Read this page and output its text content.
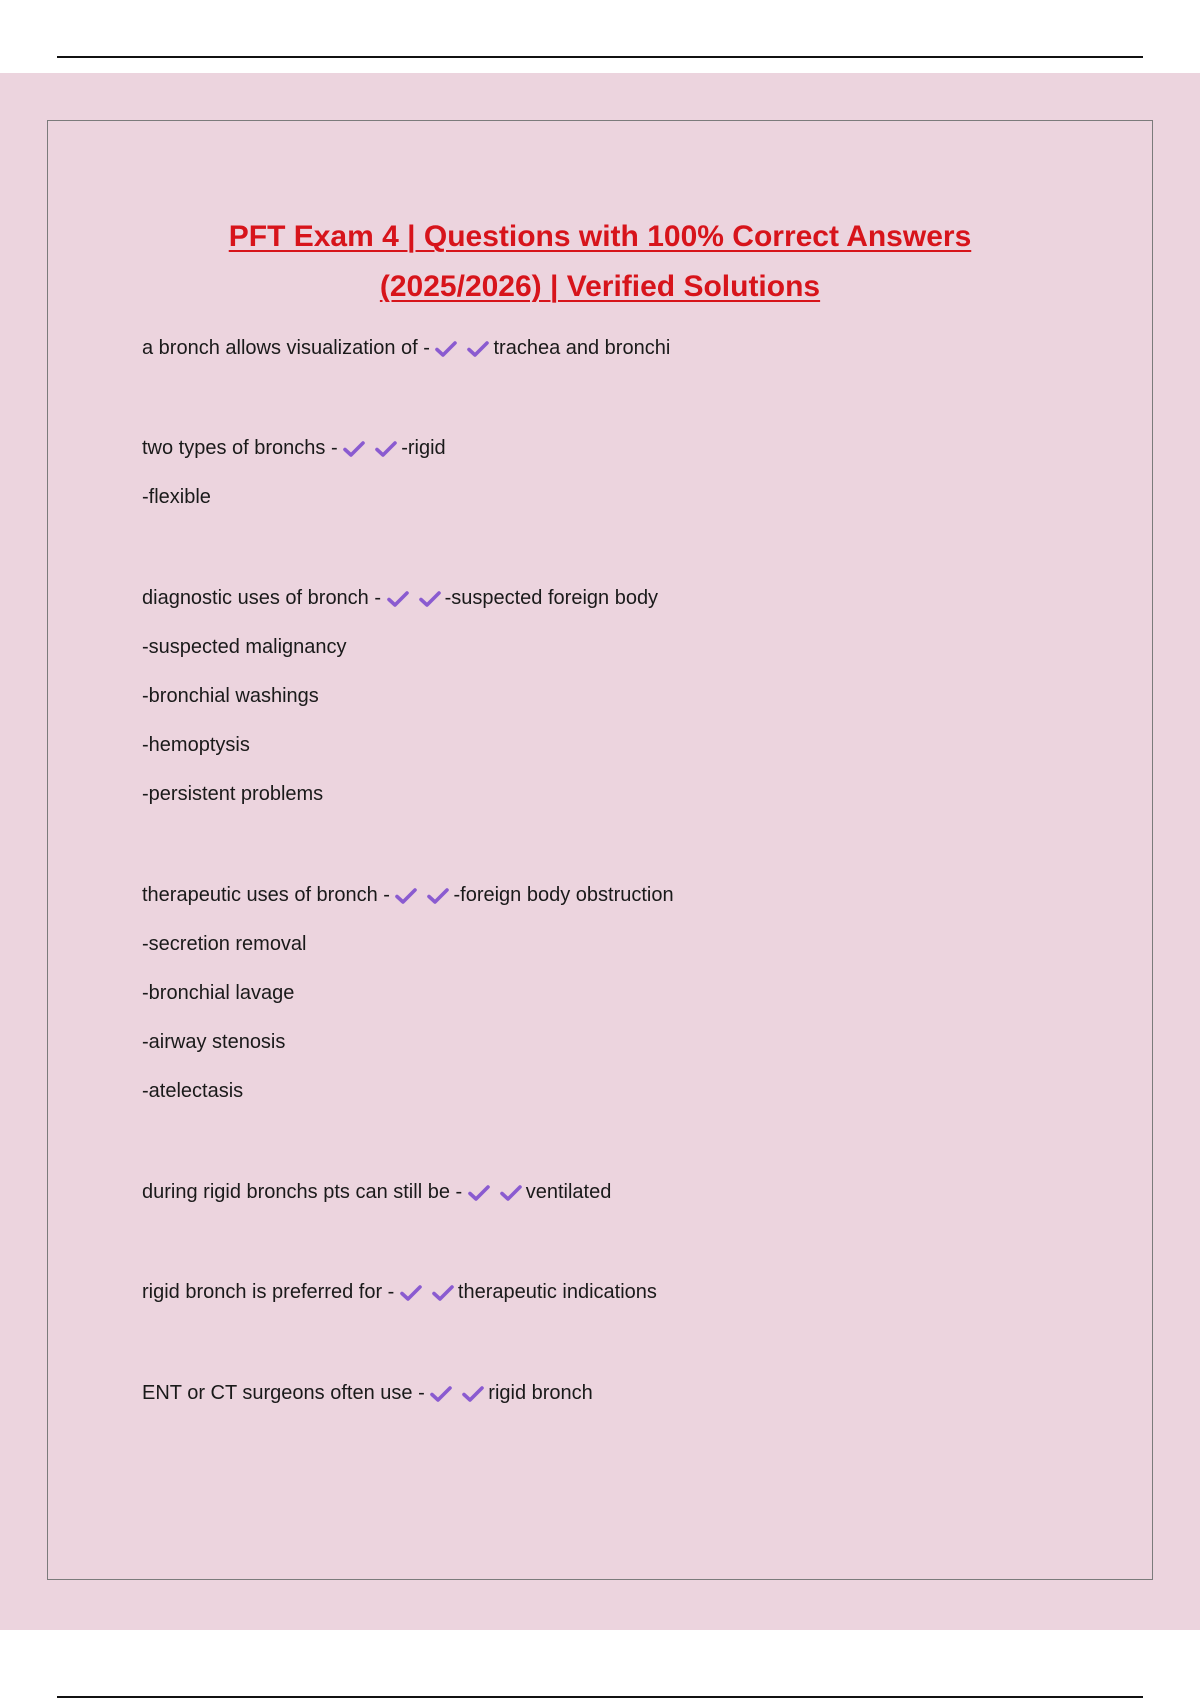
PFT Exam 4 | Questions with 100% Correct Answers
(2025/2026) | Verified Solutions
a bronch allows visualization of -	trachea and bronchi
two types of bronchs -	-rigid
-flexible
diagnostic uses of bronch -	-suspected foreign body
-suspected malignancy
-bronchial washings
-hemoptysis
-persistent problems
therapeutic uses of bronch -	-foreign body obstruction
-secretion removal
-bronchial lavage
-airway stenosis
-atelectasis
during rigid bronchs pts can still be -	ventilated
rigid bronch is preferred for -	therapeutic indications
ENT or CT surgeons often use -	rigid bronch
